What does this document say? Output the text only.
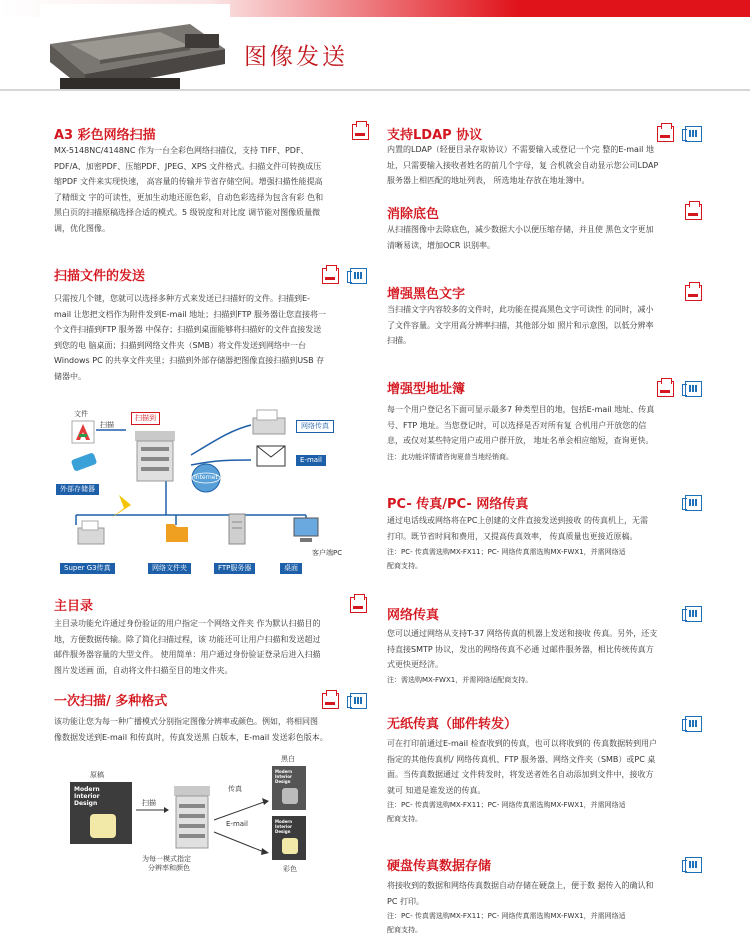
图像发送
A3 彩色网络扫描
MX-5148NC/4148NC 作为一台全彩色网络扫描仪，支持 TIFF、PDF、
PDF/A、加密PDF、压缩PDF、JPEG、XPS 文件格式。扫描文件可转换成压
缩PDF 文件来实现快速， 高容量的传输并节省存储空间。增强扫描性能提高
了精细文 字的可读性，更加生动地还原色彩，自动色彩选择为包含有彩 色和
黑白页的扫描原稿选择合适的模式。5 级锐度和对比度 调节能对图像质量微
调，优化图像。
扫描文件的发送
只需按几个键，您就可以选择多种方式来发送已扫描好的文件。扫描到E-
mail 让您把文档作为附件发到E-mail 地址；扫描到FTP 服务器让您直接将一
个文件扫描到FTP 服务器 中保存；扫描到桌面能够将扫描好的文件直接发送
到您的电 脑桌面；扫描到网络文件夹（SMB）将文件发送到网络中一台
Windows PC 的共享文件夹里；扫描到外部存储器把图像直接扫描到USB 存
储器中。
文件
扫描
扫描到
外部存储器
网络传真
E-mail
Internet
客户端PC
Super G3传真	网络文件夹	FTP服务器	桌面
主目录
主目录功能允许通过身份验证的用户指定一个网络文件夹 作为默认扫描目的
地，方便数据传输。除了简化扫描过程，该 功能还可让用户扫描和发送超过
邮件服务器容量的大型文件。 使用简单：用户通过身份验证登录后进入扫描
图片发送画 面，自动将文件扫描至目的地文件夹。
一次扫描/ 多种格式
该功能让您为每一种广播模式分别指定图像分辨率或颜色。例如，将相同图
像数据发送到E-mail 和传真时，传真发送黑 白版本，E-mail 发送彩色版本。
原稿
Modern
Interior
Design	扫描
传真
E-mail
为每一模式指定
分辨率和颜色
黑白
Modern
Interior
Design
Modern
Interior
Design
彩色
支持LDAP 协议
内置的LDAP（轻便目录存取协议）不需要输入或登记一个完 整的E-mail 地
址，只需要输入接收者姓名的前几个字母，复 合机就会自动显示您公司LDAP
服务器上相匹配的地址列表， 所选地址存放在地址簿中。
消除底色
从扫描图像中去除底色，减少数据大小以便压缩存储，并且使 黑色文字更加
清晰易读，增加OCR 识别率。
增强黑色文字
当扫描文字内容较多的文件时，此功能在提高黑色文字可读性 的同时，减小
了文件容量。文字用高分辨率扫描，其他部分如 照片和示意图，以低分辨率
扫描。
增强型地址簿
每一个用户登记名下面可显示最多7 种类型目的地，包括E-mail 地址、传真
号、FTP 地址。当您登记时，可以选择是否对所有复 合机用户开放您的信
息，或仅对某些特定用户或用户群开放， 地址名单会相应缩短，查询更快。
注：此功能详情请咨询夏普当地经销商。
PC- 传真/PC- 网络传真
通过电话线或网络将在PC上创建的文件直接发送到接收 的传真机上，无需
打印。既节省时间和费用，又提高传真效率， 传真质量也更接近原稿。
注：PC- 传真需选购MX-FX11；PC- 网络传真需选购MX-FWX1，并需网络适
配商支持。
网络传真
您可以通过网络从支持T-37 网络传真的机器上发送和接收 传真。另外，还支
持直接SMTP 协议，发出的网络传真不必通 过邮件服务器，相比传统传真方
式更快更经济。
注：需选购MX-FWX1，并需网络适配商支持。
无纸传真（邮件转发）
可在打印前通过E-mail 检查收到的传真，也可以将收到的 传真数据转到用户
指定的其他传真机/ 网络传真机、FTP 服务器、网络文件夹（SMB）或PC 桌
面。当传真数据通过 文件转发时，将发送者姓名自动添加到文件中，接收方
就可 知道是谁发送的传真。
注：PC- 传真需选购MX-FX11；PC- 网络传真需选购MX-FWX1，并需网络适
配商支持。
硬盘传真数据存储
将接收到的数据和网络传真数据自动存储在硬盘上，便于数 据传入的确认和
PC 打印。
注：PC- 传真需选购MX-FX11；PC- 网络传真需选购MX-FWX1，并需网络适
配商支持。
